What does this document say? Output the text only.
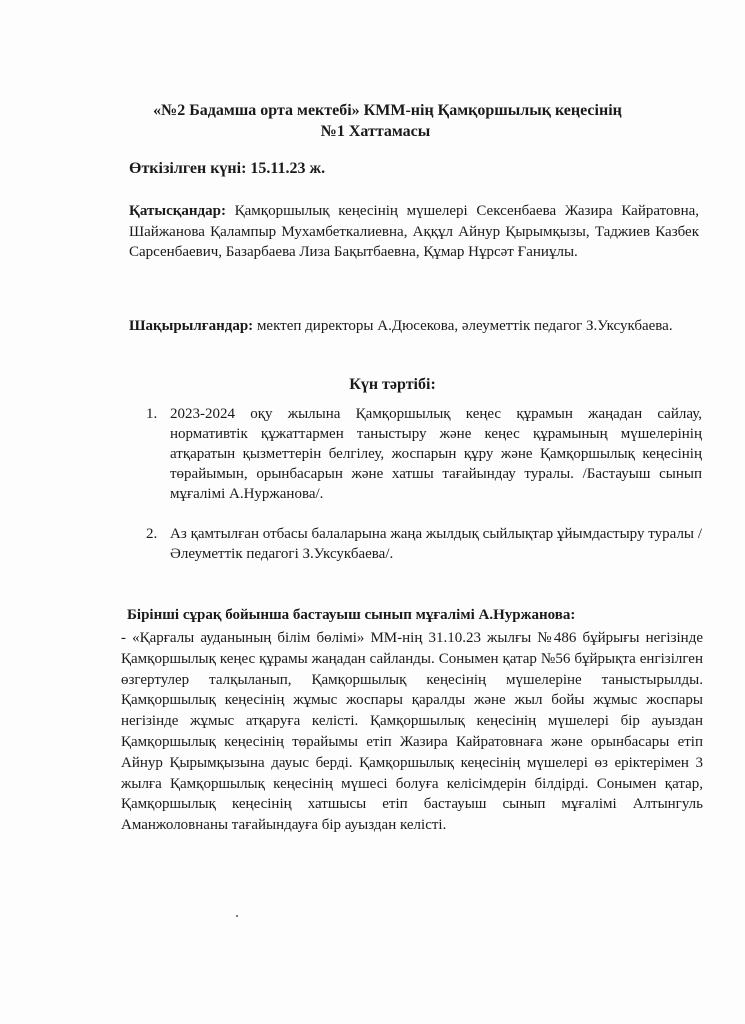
«№2 Бадамша орта мектебі» КММ-нің Қамқоршылық кеңесінің
№1 Хаттамасы
Өткізілген күні: 15.11.23 ж.
Қатысқандар: Қамқоршылық кеңесінің мүшелері Сексенбаева Жазира Кайратовна, Шайжанова Қалампыр Мухамбеткалиевна, Аққұл Айнур Қырымқызы, Таджиев Казбек Сарсенбаевич, Базарбаева Лиза Бақытбаевна, Құмар Нұрсәт Ғаниұлы.
Шақырылғандар: мектеп директоры А.Дюсекова, әлеуметтік педагог З.Уксукбаева.
Күн тәртібі:
1. 2023-2024 оқу жылына Қамқоршылық кеңес құрамын жаңадан сайлау, нормативтік құжаттармен таныстыру және кеңес құрамының мүшелерінің атқаратын қызметтерін белгілеу, жоспарын құру және Қамқоршылық кеңесінің төрайымын, орынбасарын және хатшы тағайындау туралы. /Бастауыш сынып мұғалімі А.Нуржанова/.
2. Аз қамтылған отбасы балаларына жаңа жылдық сыйлықтар ұйымдастыру туралы /Әлеуметтік педагогі З.Уксукбаева/.
Бірінші сұрақ бойынша бастауыш сынып мұғалімі А.Нуржанова:
- «Қарғалы ауданының білім бөлімі» ММ-нің 31.10.23 жылғы №486 бұйрығы негізінде Қамқоршылық кеңес құрамы жаңадан сайланды. Сонымен қатар №56 бұйрықта енгізілген өзгертулер талқыланып, Қамқоршылық кеңесінің мүшелеріне таныстырылды. Қамқоршылық кеңесінің жұмыс жоспары қаралды және жыл бойы жұмыс жоспары негізінде жұмыс атқаруға келісті. Қамқоршылық кеңесінің мүшелері бір ауыздан Қамқоршылық кеңесінің төрайымы етіп Жазира Кайратовнаға және орынбасары етіп Айнур Қырымқызына дауыс берді. Қамқоршылық кеңесінің мүшелері өз еріктерімен 3 жылға Қамқоршылық кеңесінің мүшесі болуға келісімдерін білдірді. Сонымен қатар, Қамқоршылық кеңесінің хатшысы етіп бастауыш сынып мұғалімі Алтынгуль Аманжоловнаны тағайындауға бір ауыздан келісті.
